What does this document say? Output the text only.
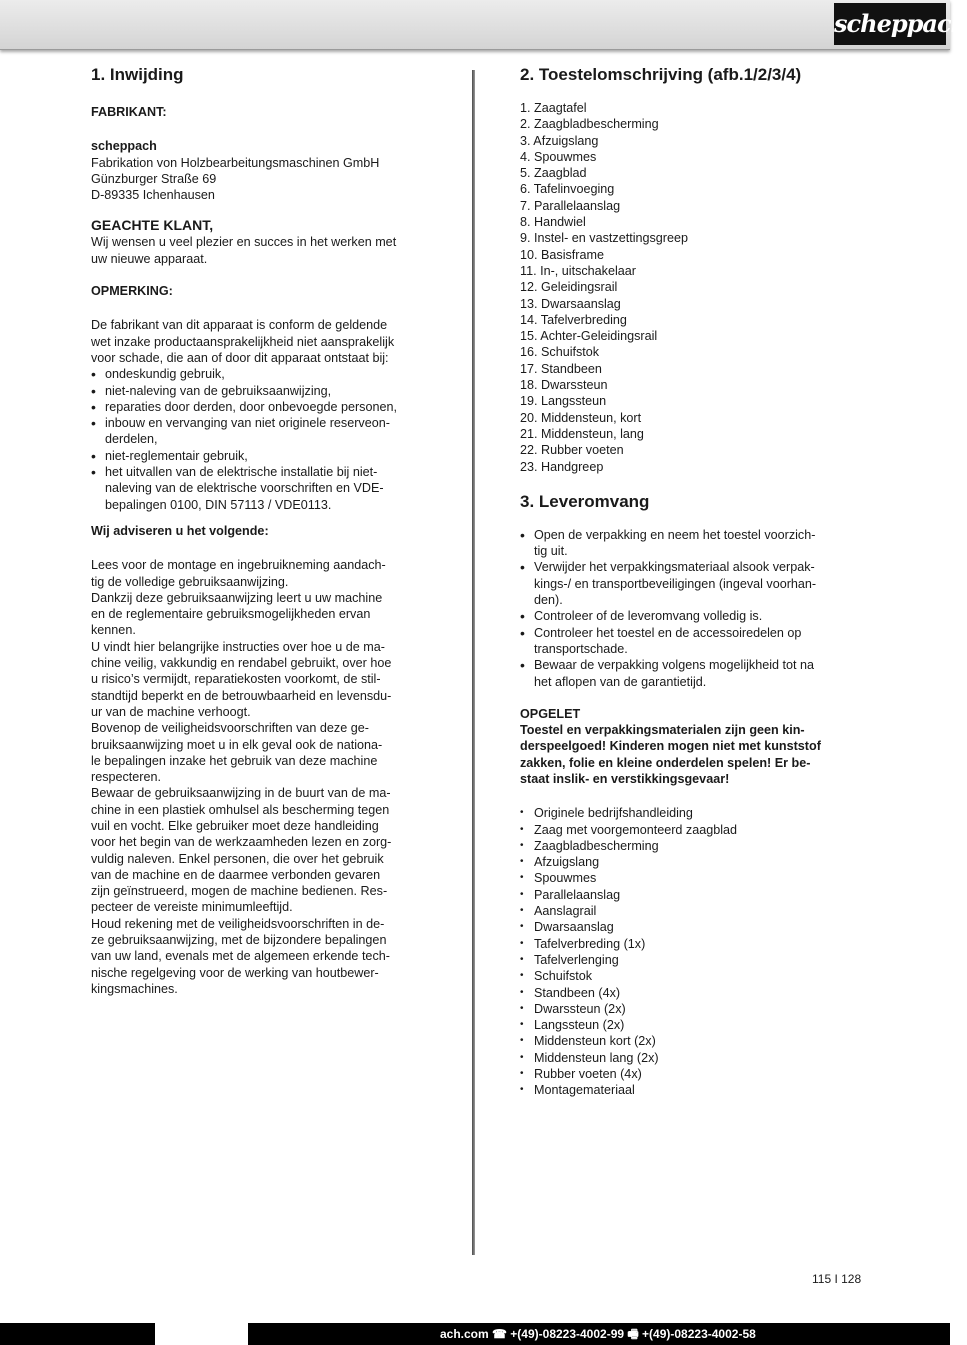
scheppach
1. Inwijding

FABRIKANT:

scheppach

Fabrikation von Holzbearbeitungsmaschinen GmbH

Günzburger Straße 69

D-89335 Ichenhausen

GEACHTE KLANT,

Wij wensen u veel plezier en succes in het werken met

uw nieuwe apparaat.

OPMERKING:

De fabrikant van dit apparaat is conform de geldende

wet inzake productaansprakelijkheid niet aansprakelijk

voor schade, die aan of door dit apparaat ontstaat bij:

• ondeskundig gebruik,
• niet-naleving van de gebruiksaanwijzing,
• reparaties door derden, door onbevoegde personen,
• inbouw en vervanging van niet originele reserveon-
derdelen,
• niet-reglementair gebruik,
• het uitvallen van de elektrische installatie bij niet-
naleving van de elektrische voorschriften en VDE-
bepalingen 0100, DIN 57113 / VDE0113.

Wij adviseren u het volgende:

Lees voor de montage en ingebruikneming aandach-
tig de volledige gebruiksaanwijzing.
Dankzij deze gebruiksaanwijzing leert u uw machine
en de reglementaire gebruiksmogelijkheden ervan
kennen.
U vindt hier belangrijke instructies over hoe u de ma-
chine veilig, vakkundig en rendabel gebruikt, over hoe
u risico’s vermijdt, reparatiekosten voorkomt, de stil-
standtijd beperkt en de betrouwbaarheid en levensdu-
ur van de machine verhoogt.
Bovenop de veiligheidsvoorschriften van deze ge-
bruiksaanwijzing moet u in elk geval ook de nationa-
le bepalingen inzake het gebruik van deze machine
respecteren.
Bewaar de gebruiksaanwijzing in de buurt van de ma-
chine in een plastiek omhulsel als bescherming tegen
vuil en vocht. Elke gebruiker moet deze handleiding
voor het begin van de werkzaamheden lezen en zorg-
vuldig naleven. Enkel personen, die over het gebruik
van de machine en de daarmee verbonden gevaren
zijn geïnstrueerd, mogen de machine bedienen. Res-
pecteer de vereiste minimumleeftijd.
Houd rekening met de veiligheidsvoorschriften in de-
ze gebruiksaanwijzing, met de bijzondere bepalingen
van uw land, evenals met de algemeen erkende tech-
nische regelgeving voor de werking van houtbewer-
kingsmachines.

2. Toestelomschrijving (afb.1/2/3/4)
1. Zaagtafel
2. Zaagbladbescherming
3. Afzuigslang
4. Spouwmes
5. Zaagblad
6. Tafelinvoeging
7. Parallelaanslag
8. Handwiel
9. Instel- en vastzettingsgreep
10. Basisframe
11. In-, uitschakelaar
12. Geleidingsrail
13. Dwarsaanslag
14. Tafelverbreding
15. Achter-Geleidingsrail
16. Schuifstok
17. Standbeen
18. Dwarssteun
19. Langssteun
20. Middensteun, kort
21. Middensteun, lang
22. Rubber voeten
23. Handgreep
3. Leveromvang
• Open de verpakking en neem het toestel voorzich-
tig uit.
• Verwijder het verpakkingsmateriaal alsook verpak-
kings-/ en transportbeveiligingen (ingeval voorhan-
den).
• Controleer of de leveromvang volledig is.
• Controleer het toestel en de accessoiredelen op
transportschade.
• Bewaar de verpakking volgens mogelijkheid tot na
het aflopen van de garantietijd.

OPGELET

Toestel en verpakkingsmaterialen zijn geen kin-
derspeelgoed! Kinderen mogen niet met kunststof
zakken, folie en kleine onderdelen spelen! Er be-
staat inslik- en verstikkingsgevaar!

• Originele bedrijfshandleiding
• Zaag met voorgemonteerd zaagblad
• Zaagbladbescherming
• Afzuigslang
• Spouwmes
• Parallelaanslag
• Aanslagrail
• Dwarsaanslag
• Tafelverbreding (1x)
• Tafelverlenging
• Schuifstok
• Standbeen (4x)
• Dwarssteun (2x)
• Langssteun (2x)
• Middensteun kort (2x)
• Middensteun lang (2x)
• Rubber voeten (4x)
• Montagemateriaal
115 I 128
ach.com ☎ +(49)-08223-4002-99 🖷 +(49)-08223-4002-58
